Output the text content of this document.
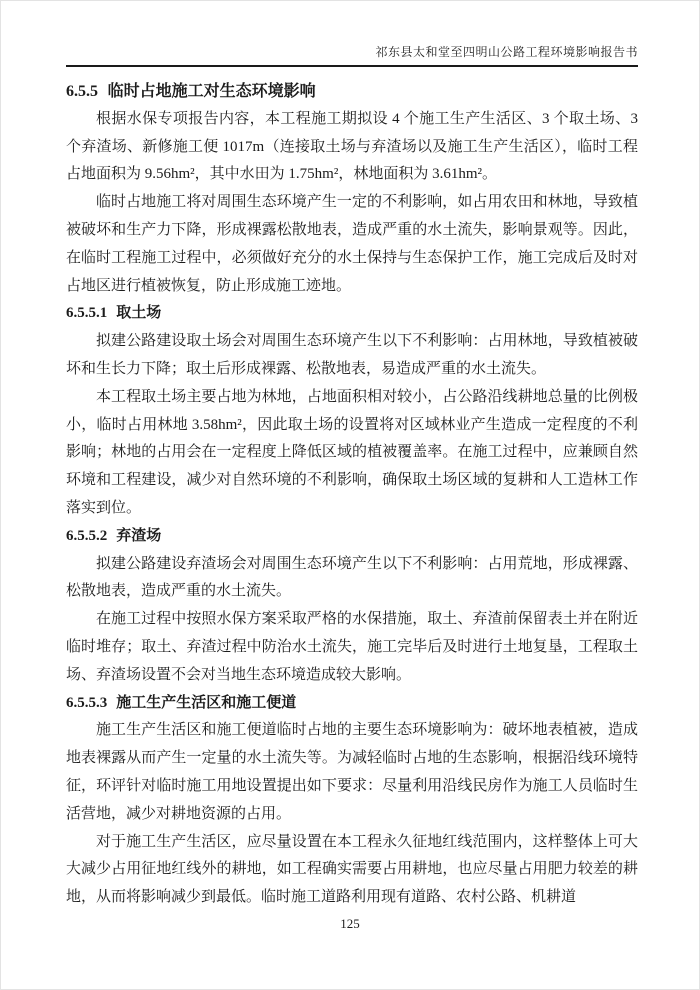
祁东县太和堂至四明山公路工程环境影响报告书
6.5.5 临时占地施工对生态环境影响

根据水保专项报告内容，本工程施工期拟设 4 个施工生产生活区、3 个取土场、3 个弃渣场、新修施工便 1017m（连接取土场与弃渣场以及施工生产生活区），临时工程占地面积为 9.56hm²，其中水田为 1.75hm²，林地面积为 3.61hm²。

临时占地施工将对周围生态环境产生一定的不利影响，如占用农田和林地，导致植被破坏和生产力下降，形成裸露松散地表，造成严重的水土流失，影响景观等。因此，在临时工程施工过程中，必须做好充分的水土保持与生态保护工作，施工完成后及时对占地区进行植被恢复，防止形成施工迹地。

6.5.5.1 取土场

拟建公路建设取土场会对周围生态环境产生以下不利影响：占用林地，导致植被破坏和生长力下降；取土后形成裸露、松散地表，易造成严重的水土流失。

本工程取土场主要占地为林地，占地面积相对较小，占公路沿线耕地总量的比例极小，临时占用林地 3.58hm²，因此取土场的设置将对区域林业产生造成一定程度的不利影响；林地的占用会在一定程度上降低区域的植被覆盖率。在施工过程中，应兼顾自然环境和工程建设，减少对自然环境的不利影响，确保取土场区域的复耕和人工造林工作落实到位。

6.5.5.2 弃渣场

拟建公路建设弃渣场会对周围生态环境产生以下不利影响：占用荒地，形成裸露、松散地表，造成严重的水土流失。

在施工过程中按照水保方案采取严格的水保措施，取土、弃渣前保留表土并在附近临时堆存；取土、弃渣过程中防治水土流失，施工完毕后及时进行土地复垦，工程取土场、弃渣场设置不会对当地生态环境造成较大影响。

6.5.5.3 施工生产生活区和施工便道

施工生产生活区和施工便道临时占地的主要生态环境影响为：破坏地表植被，造成地表裸露从而产生一定量的水土流失等。为减轻临时占地的生态影响，根据沿线环境特征，环评针对临时施工用地设置提出如下要求：尽量利用沿线民房作为施工人员临时生活营地，减少对耕地资源的占用。

对于施工生产生活区，应尽量设置在本工程永久征地红线范围内，这样整体上可大大减少占用征地红线外的耕地，如工程确实需要占用耕地，也应尽量占用肥力较差的耕地，从而将影响减少到最低。临时施工道路利用现有道路、农村公路、机耕道

125
